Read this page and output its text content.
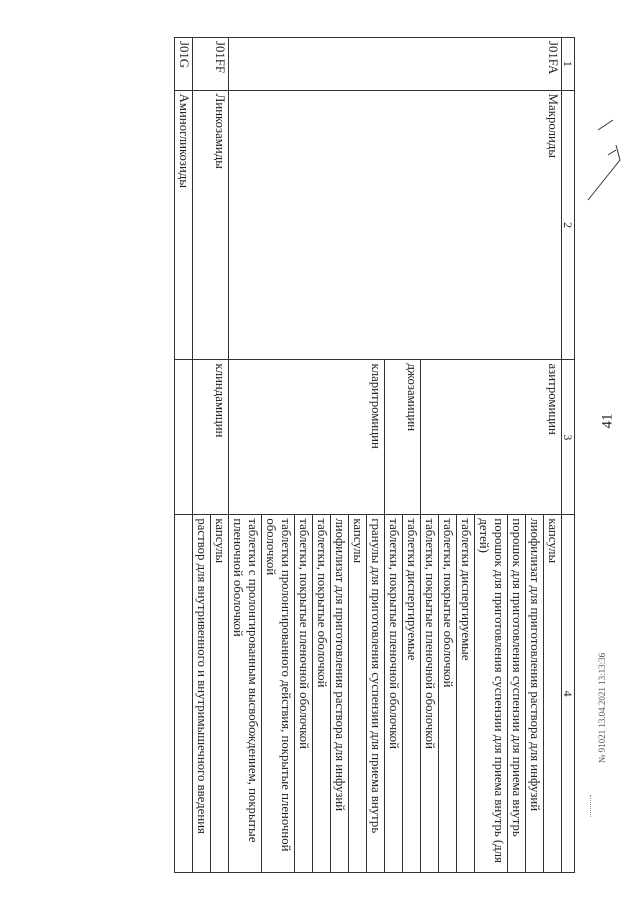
41
1	2	3	4
J01FA	Макролиды	азитромицин	капсулы
			лиофилизат для приготовления раствора для инфузий
			порошок для приготовления суспензии для приема внутрь
			порошок для приготовления суспензии для приема внутрь (для детей)
			таблетки диспергируемые
			таблетки, покрытые оболочкой
			таблетки, покрытые пленочной оболочкой
		джозамицин	таблетки диспергируемые
			таблетки, покрытые пленочной оболочкой
		кларитромицин	гранулы для приготовления суспензии для приема внутрь
			капсулы
			лиофилизат для приготовления раствора для инфузий
			таблетки, покрытые оболочкой
			таблетки, покрытые пленочной оболочкой
			таблетки пролонгированного действия, покрытые пленочной оболочкой
			таблетки с пролонгированным высвобождением, покрытые пленочной оболочкой
J01FF	Линкозамиды	клиндамицин	капсулы
			раствор для внутривенного и внутримышечного введения
J01G	Аминогликозиды		
№ 91021 13.04.2021 13:13:36
